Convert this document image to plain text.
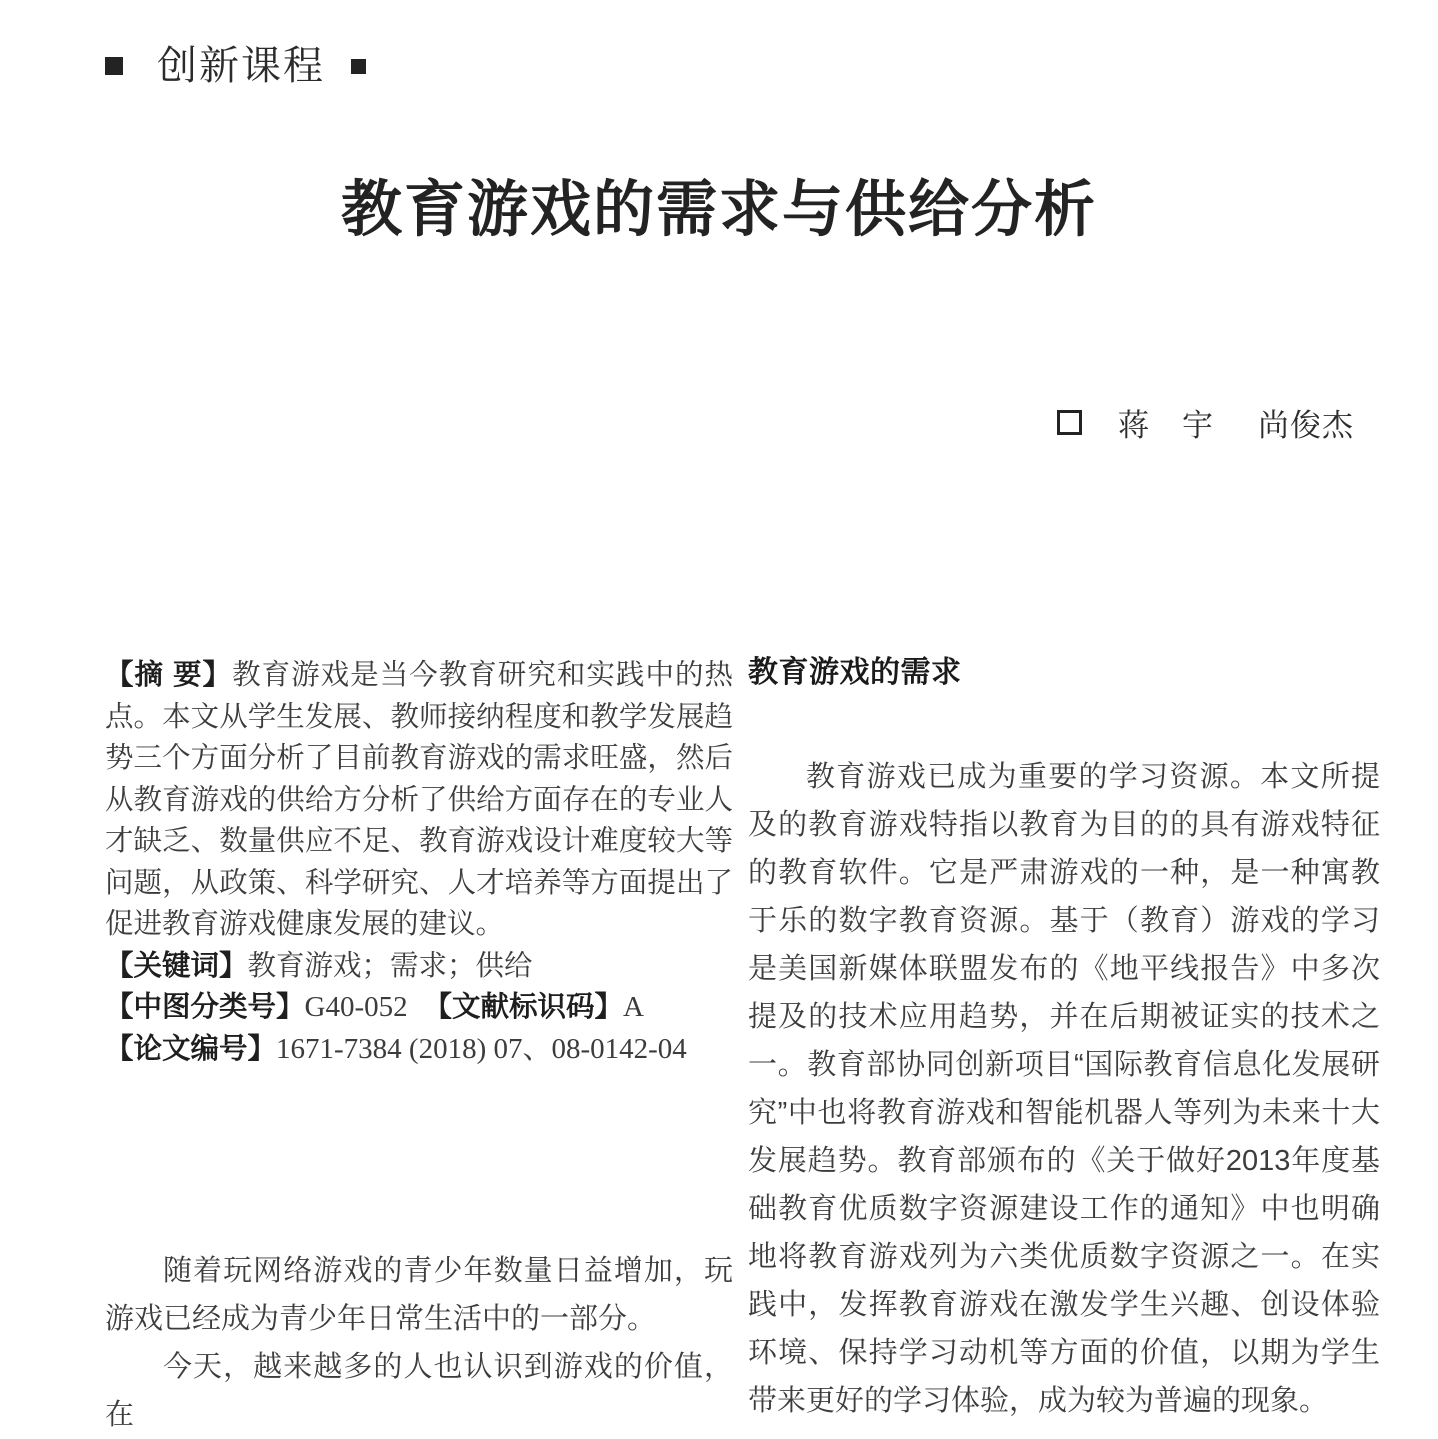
创新课程
教育游戏的需求与供给分析
蒋　宇 尚俊杰

【摘 要】教育游戏是当今教育研究和实践中的热点。本文从学生发展、教师接纳程度和教学发展趋势三个方面分析了目前教育游戏的需求旺盛，然后从教育游戏的供给方分析了供给方面存在的专业人才缺乏、数量供应不足、教育游戏设计难度较大等问题，从政策、科学研究、人才培养等方面提出了促进教育游戏健康发展的建议。

【关键词】教育游戏；需求；供给
【中图分类号】G40-052 【文献标识码】A
【论文编号】1671-7384 (2018) 07、08-0142-04
教育游戏的需求

教育游戏已成为重要的学习资源。本文所提及的教育游戏特指以教育为目的的具有游戏特征的教育软件。它是严肃游戏的一种，是一种寓教于乐的数字教育资源。基于（教育）游戏的学习是美国新媒体联盟发布的《地平线报告》中多次提及的技术应用趋势，并在后期被证实的技术之一。教育部协同创新项目“国际教育信息化发展研究”中也将教育游戏和智能机器人等列为未来十大发展趋势。教育部颁布的《关于做好2013年度基础教育优质数字资源建设工作的通知》中也明确地将教育游戏列为六类优质数字资源之一。在实践中，发挥教育游戏在激发学生兴趣、创设体验环境、保持学习动机等方面的价值，以期为学生带来更好的学习体验，成为较为普遍的现象。

随着玩网络游戏的青少年数量日益增加，玩游戏已经成为青少年日常生活中的一部分。

今天，越来越多的人也认识到游戏的价值，在
